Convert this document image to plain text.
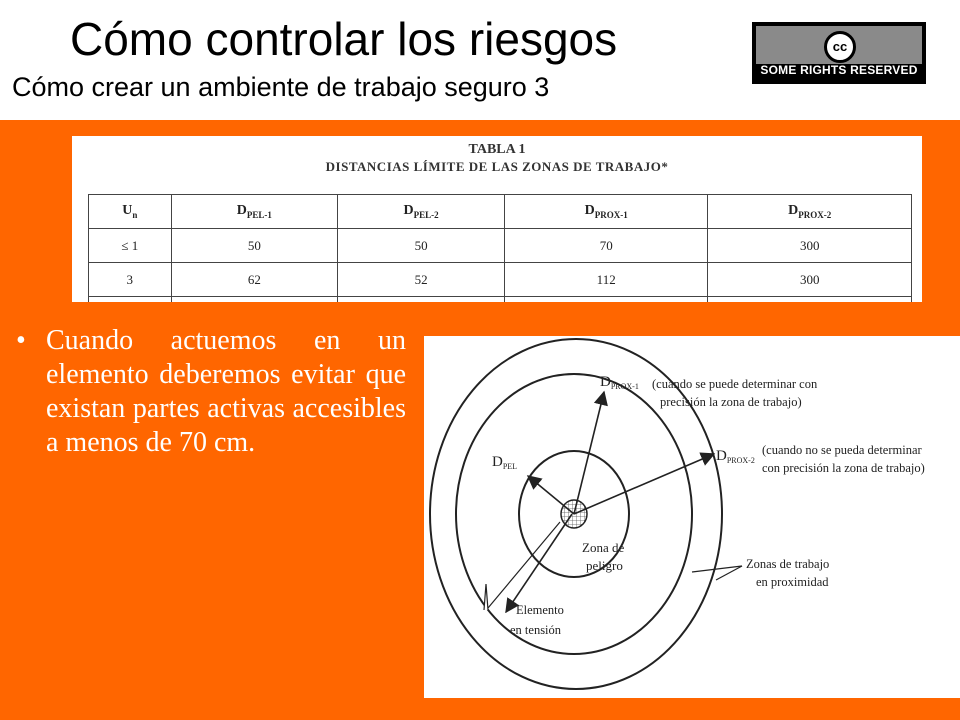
Cómo controlar los riesgos
Cómo crear un ambiente de trabajo seguro 3
cc
SOME RIGHTS RESERVED
TABLA 1
DISTANCIAS LÍMITE DE LAS ZONAS DE TRABAJO*
$U_n$	$D_{PEL-1}$	$D_{PEL-2}$	$D_{PROX-1}$	$D_{PROX-2}$
≤ 1	50	50	70	300
3	62	52	112	300

• Cuando actuemos en un elemento deberemos evitar que existan partes activas accesibles a menos de 70 cm.
$D_{PROX-1}$ (cuando se puede determinar con
precisión la zona de trabajo)
$D_{PROX-2}$
(cuando no se pueda determinar
con precisión la zona de trabajo)
$D_{PEL}$
Zona de
peligro	Zonas de trabajo
en proximidad
Elemento
en tensión
